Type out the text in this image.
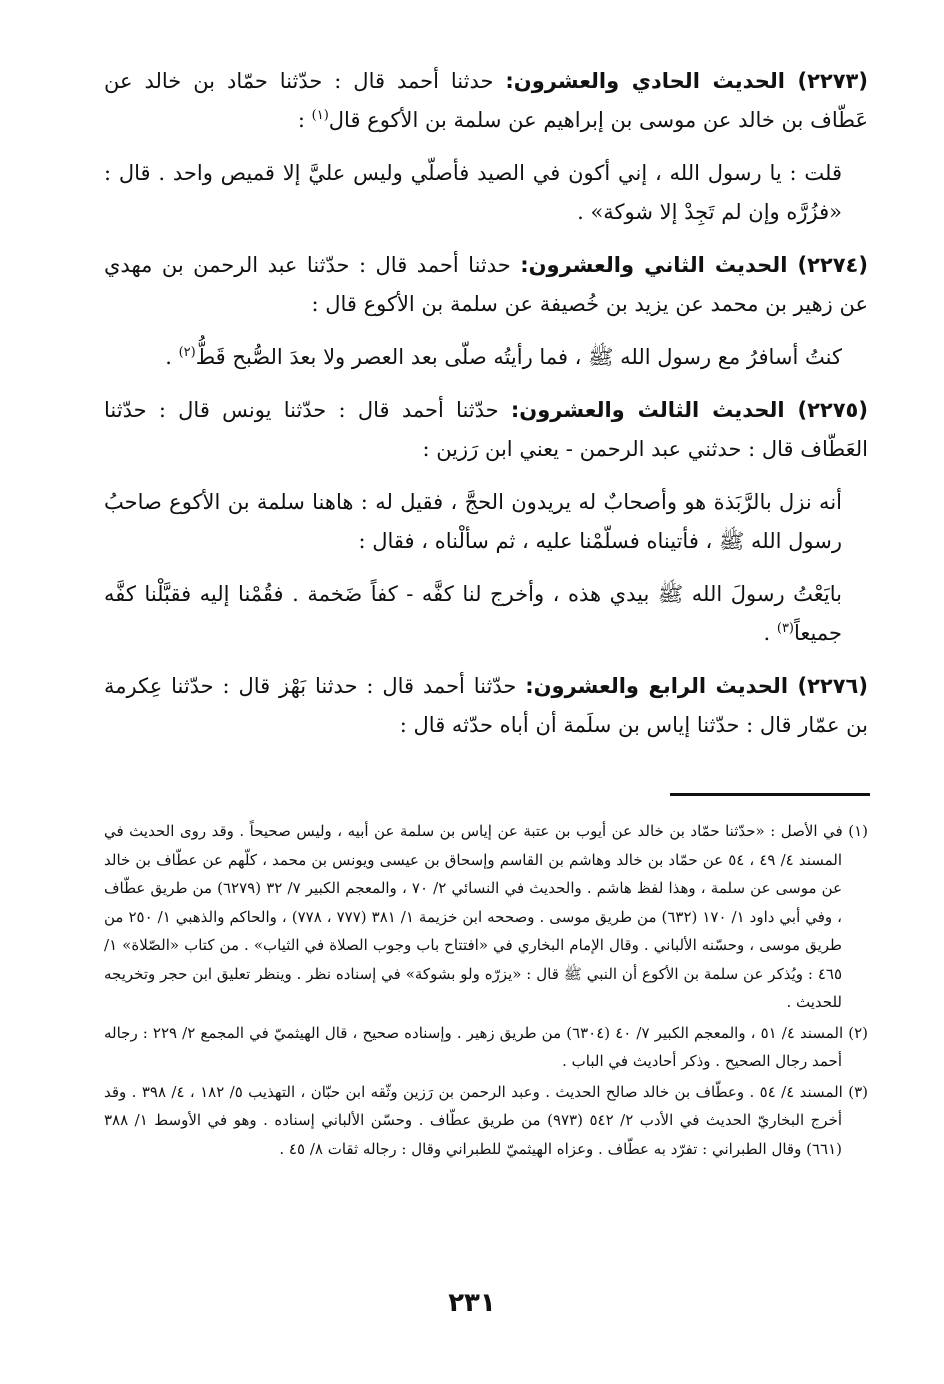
(٢٢٧٣) الحديث الحادي والعشرون: حدثنا أحمد قال : حدّثنا حمّاد بن خالد عن عَطّاف بن خالد عن موسى بن إبراهيم عن سلمة بن الأكوع قال$^{(١)}$ :

قلت : يا رسول الله ، إني أكون في الصيد فأصلّي وليس عليَّ إلا قميص واحد . قال : «فزُرَّه وإن لم تَجِدْ إلا شوكة» .

(٢٢٧٤) الحديث الثاني والعشرون: حدثنا أحمد قال : حدّثنا عبد الرحمن بن مهدي عن زهير بن محمد عن يزيد بن خُصيفة عن سلمة بن الأكوع قال :

كنتُ أسافرُ مع رسول الله ﷺ ، فما رأيتُه صلّى بعد العصر ولا بعدَ الصُّبح قَطُّ$^{(٢)}$ .

(٢٢٧٥) الحديث الثالث والعشرون: حدّثنا أحمد قال : حدّثنا يونس قال : حدّثنا العَطّاف قال : حدثني عبد الرحمن - يعني ابن رَزين :

أنه نزل بالرَّبَذة هو وأصحابٌ له يريدون الحجَّ ، فقيل له : هاهنا سلمة بن الأكوع صاحبُ رسول الله ﷺ ، فأتيناه فسلّمْنا عليه ، ثم سألْناه ، فقال :

بايَعْتُ رسولَ الله ﷺ بيدي هذه ، وأخرج لنا كفَّه - كفاً ضَخمة . فقُمْنا إليه فقبَّلْنا كفَّه جميعاً$^{(٣)}$ .

(٢٢٧٦) الحديث الرابع والعشرون: حدّثنا أحمد قال : حدثنا بَهْز قال : حدّثنا عِكرمة بن عمّار قال : حدّثنا إياس بن سلَمة أن أباه حدّثه قال :

(١) في الأصل : «حدّثنا حمّاد بن خالد عن أيوب بن عتبة عن إياس بن سلمة عن أبيه ، وليس صحيحاً . وقد روى الحديث في المسند ٤/ ٤٩ ، ٥٤ عن حمّاد بن خالد وهاشم بن القاسم وإسحاق بن عيسى ويونس بن محمد ، كلّهم عن عطّاف بن خالد عن موسى عن سلمة ، وهذا لفظ هاشم . والحديث في النسائي ٢/ ٧٠ ، والمعجم الكبير ٧/ ٣٢ (٦٢٧٩) من طريق عطّاف ، وفي أبي داود ١/ ١٧٠ (٦٣٢) من طريق موسى . وصححه ابن خزيمة ١/ ٣٨١ (٧٧٧ ، ٧٧٨) ، والحاكم والذهبي ١/ ٢٥٠ من طريق موسى ، وحسّنه الألباني . وقال الإمام البخاري في «افتتاح باب وجوب الصلاة في الثياب» . من كتاب «الصّلاة» ١/ ٤٦٥ : ويُذكر عن سلمة بن الأكوع أن النبي ﷺ قال : «يزرّه ولو بشوكة» في إسناده نظر . وينظر تعليق ابن حجر وتخريجه للحديث .

(٢) المسند ٤/ ٥١ ، والمعجم الكبير ٧/ ٤٠ (٦٣٠٤) من طريق زهير . وإسناده صحيح ، قال الهيثميّ في المجمع ٢/ ٢٢٩ : رجاله أحمد رجال الصحيح . وذكر أحاديث في الباب .

(٣) المسند ٤/ ٥٤ . وعطّاف بن خالد صالح الحديث . وعبد الرحمن بن رَزين وثّقه ابن حبّان ، التهذيب ٥/ ١٨٢ ، ٤/ ٣٩٨ . وقد أخرج البخاريّ الحديث في الأدب ٢/ ٥٤٢ (٩٧٣) من طريق عطّاف . وحسّن الألباني إسناده . وهو في الأوسط ١/ ٣٨٨ (٦٦١) وقال الطبراني : تفرّد به عطّاف . وعزاه الهيثميّ للطبراني وقال : رجاله ثقات ٨/ ٤٥ .

٢٣١
